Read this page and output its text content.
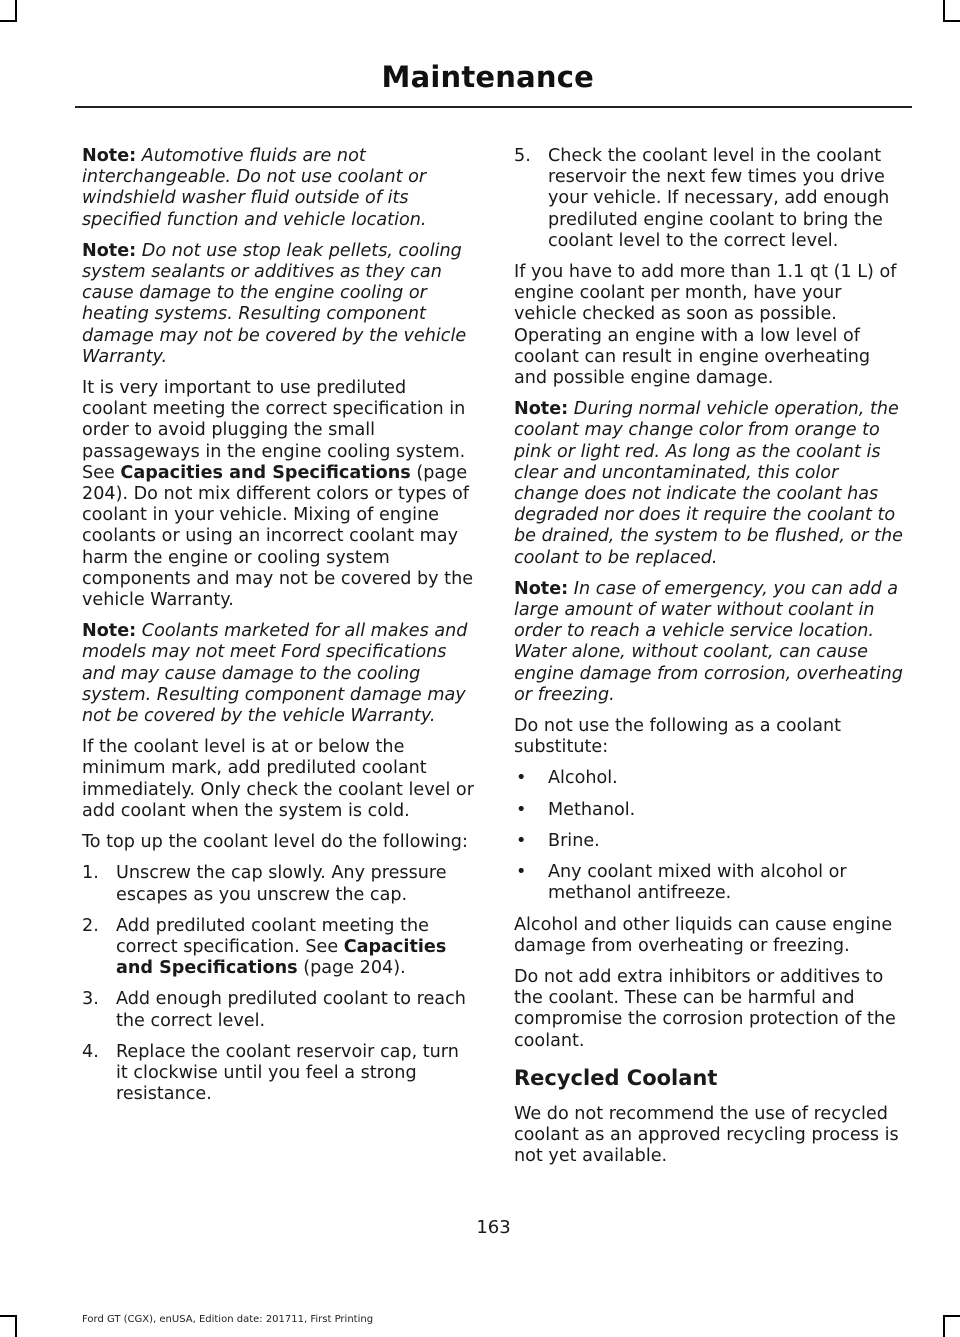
Maintenance

Note: Automotive fluids are not interchangeable. Do not use coolant or windshield washer fluid outside of its specified function and vehicle location.

Note: Do not use stop leak pellets, cooling system sealants or additives as they can cause damage to the engine cooling or heating systems. Resulting component damage may not be covered by the vehicle Warranty.

It is very important to use prediluted coolant meeting the correct specification in order to avoid plugging the small passageways in the engine cooling system. See Capacities and Specifications (page 204). Do not mix different colors or types of coolant in your vehicle. Mixing of engine coolants or using an incorrect coolant may harm the engine or cooling system components and may not be covered by the vehicle Warranty.

Note: Coolants marketed for all makes and models may not meet Ford specifications and may cause damage to the cooling system. Resulting component damage may not be covered by the vehicle Warranty.

If the coolant level is at or below the minimum mark, add prediluted coolant immediately. Only check the coolant level or add coolant when the system is cold.

To top up the coolant level do the following:

1. Unscrew the cap slowly. Any pressure escapes as you unscrew the cap.
2. Add prediluted coolant meeting the correct specification. See Capacities and Specifications (page 204).
3. Add enough prediluted coolant to reach the correct level.
4. Replace the coolant reservoir cap, turn it clockwise until you feel a strong resistance.
5. Check the coolant level in the coolant reservoir the next few times you drive your vehicle. If necessary, add enough prediluted engine coolant to bring the coolant level to the correct level.

If you have to add more than 1.1 qt (1 L) of engine coolant per month, have your vehicle checked as soon as possible. Operating an engine with a low level of coolant can result in engine overheating and possible engine damage.

Note: During normal vehicle operation, the coolant may change color from orange to pink or light red. As long as the coolant is clear and uncontaminated, this color change does not indicate the coolant has degraded nor does it require the coolant to be drained, the system to be flushed, or the coolant to be replaced.

Note: In case of emergency, you can add a large amount of water without coolant in order to reach a vehicle service location. Water alone, without coolant, can cause engine damage from corrosion, overheating or freezing.

Do not use the following as a coolant substitute:

•	Alcohol.
•	Methanol.
•	Brine.
•	Any coolant mixed with alcohol or methanol antifreeze.

Alcohol and other liquids can cause engine damage from overheating or freezing.

Do not add extra inhibitors or additives to the coolant. These can be harmful and compromise the corrosion protection of the coolant.

Recycled Coolant

We do not recommend the use of recycled coolant as an approved recycling process is not yet available.

163
Ford GT (CGX), enUSA, Edition date: 201711, First Printing
